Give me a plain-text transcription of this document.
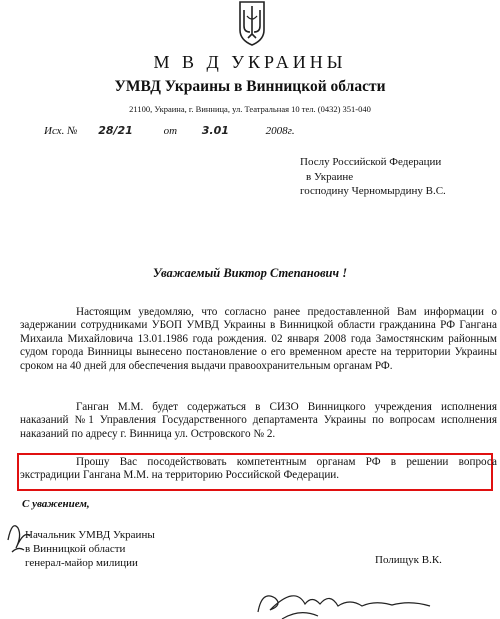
М В Д УКРАИНЫ
УМВД Украины в Винницкой области
21100, Украина, г. Винница, ул. Театральная 10 тел. (0432) 351-040
Исх. № 28/21	от 3.01	2008г.
Послу Российской Федерации
в Украине
господину Черномырдину В.С.
Уважаемый Виктор Степанович !
Настоящим уведомляю, что согласно ранее предоставленной Вам информации о задержании сотрудниками УБОП УМВД Украины в Винницкой области гражданина РФ Гангана Михаила Михайловича 13.01.1986 года рождения. 02 января 2008 года Замостянским районным судом города Винницы вынесено постановление о его временном аресте на территории Украины сроком на 40 дней для обеспечения выдачи правоохранительным органам РФ.
Ганган М.М. будет содержаться в СИЗО Винницкого учреждения исполнения наказаний №1 Управления Государственного департамента Украины по вопросам исполнения наказаний по адресу г. Винница ул. Островского № 2.
Прошу Вас посодействовать компетентным органам РФ в решении вопроса экстрадиции Гангана М.М. на территорию Российской Федерации.
С уважением,
Начальник УМВД Украины
в Винницкой области
генерал-майор милиции	Полищук В.К.
